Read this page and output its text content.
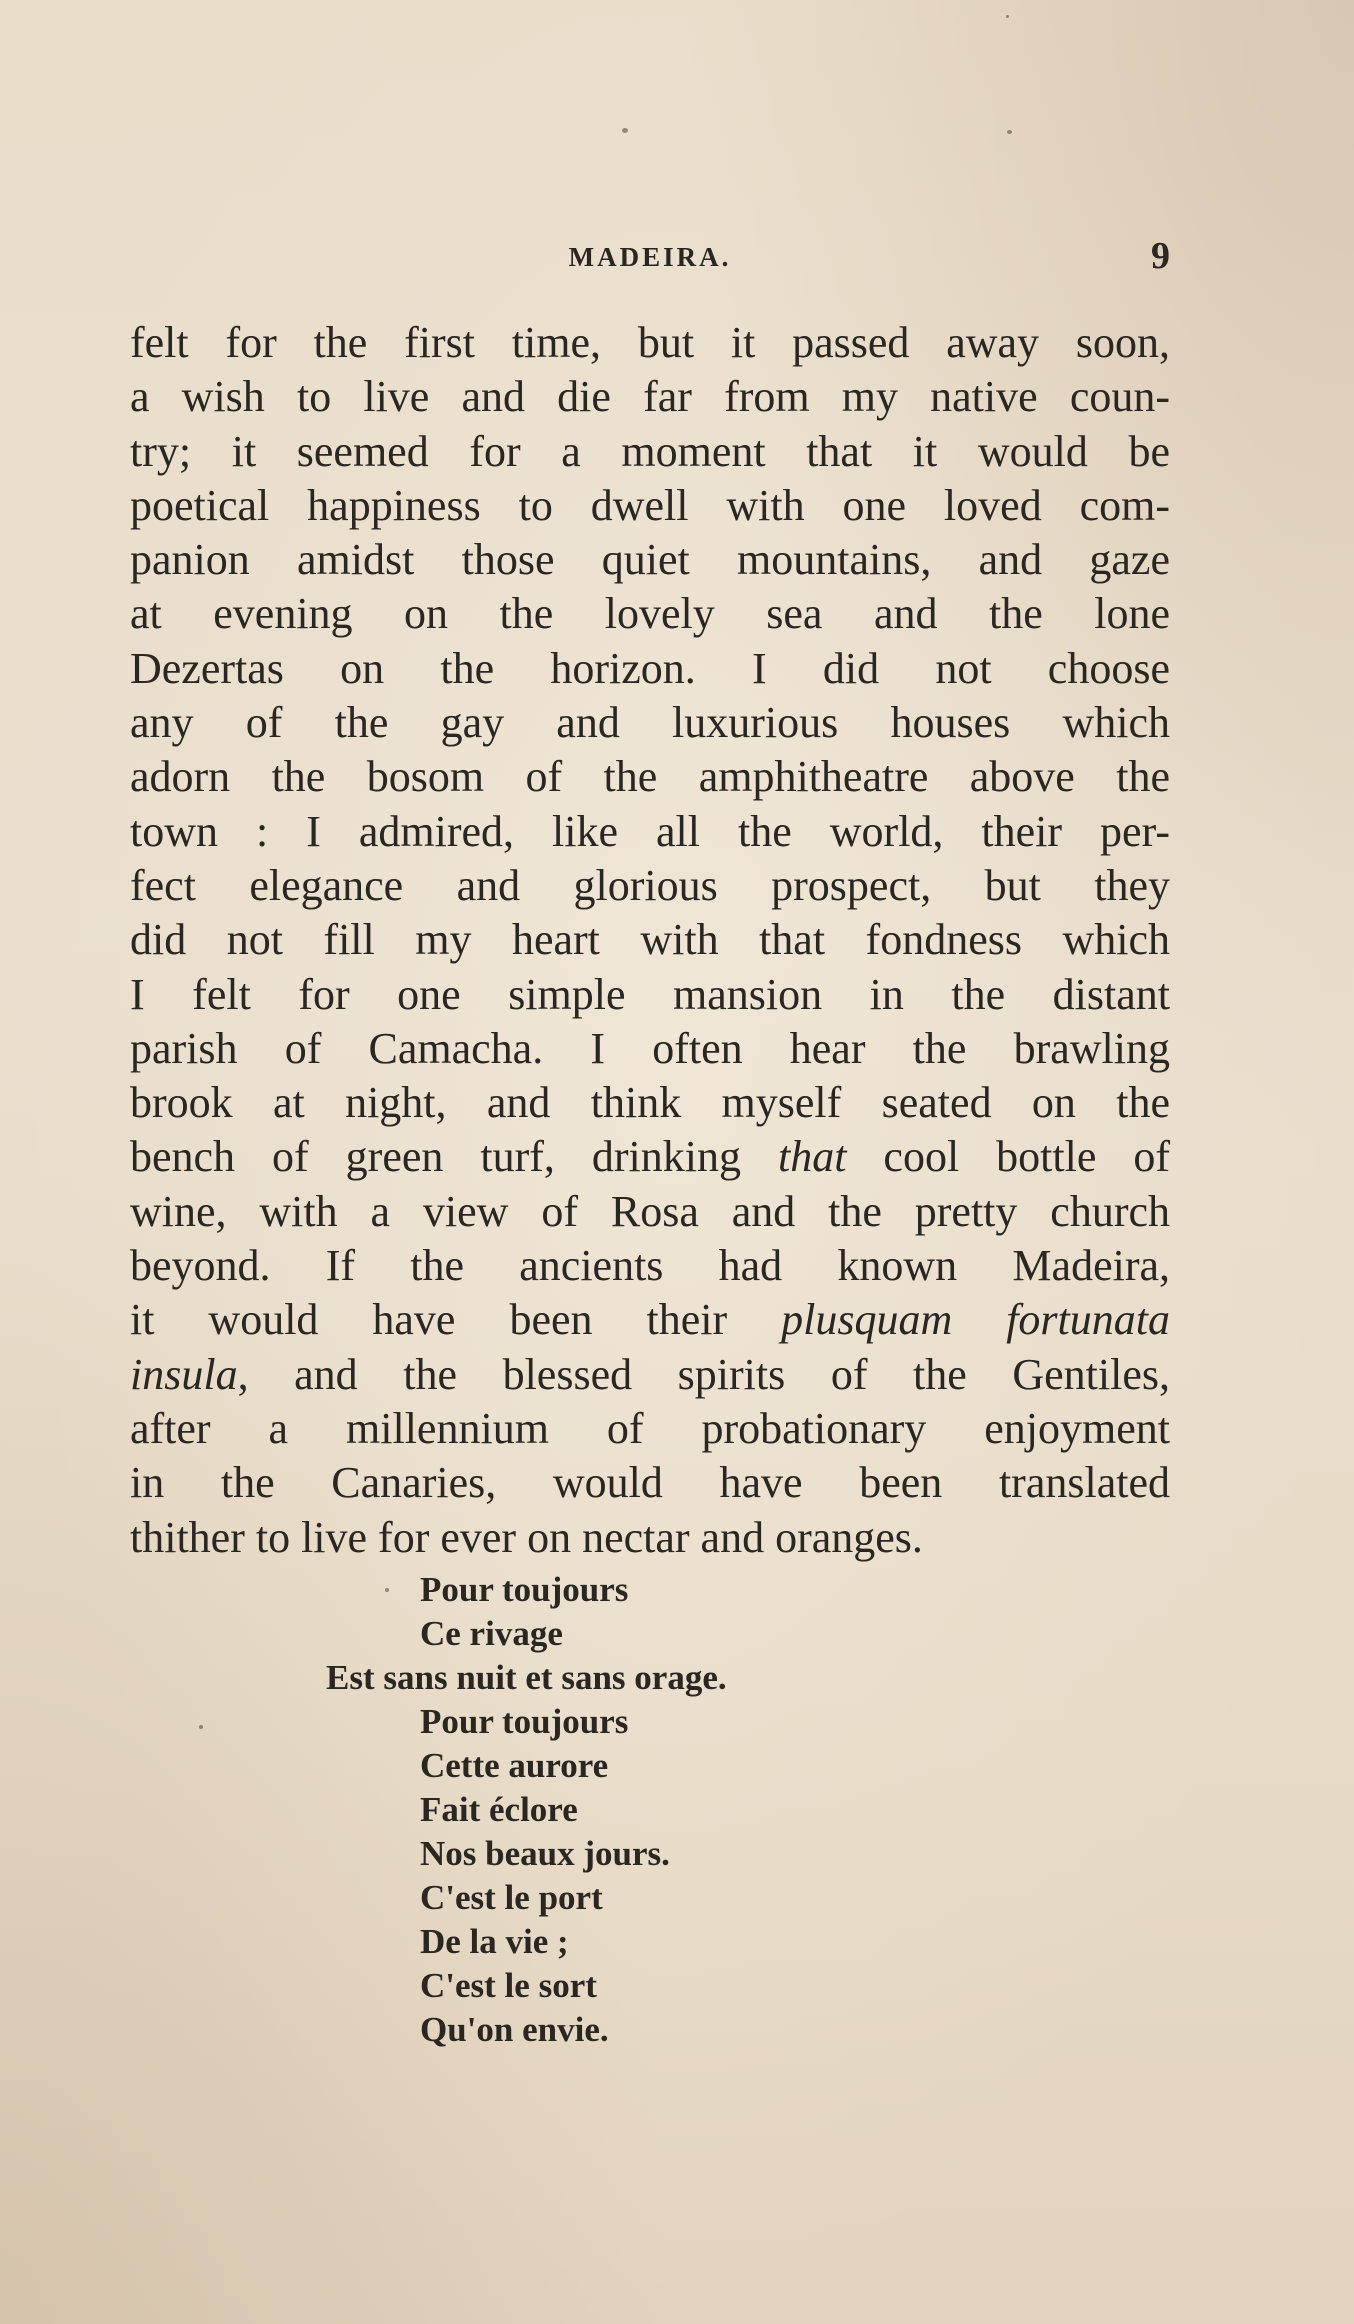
MADEIRA.	9
felt for the first time, but it passed away soon,
a wish to live and die far from my native coun-
try; it seemed for a moment that it would be
poetical happiness to dwell with one loved com-
panion amidst those quiet mountains, and gaze
at evening on the lovely sea and the lone
Dezertas on the horizon. I did not choose
any of the gay and luxurious houses which
adorn the bosom of the amphitheatre above the
town : I admired, like all the world, their per-
fect elegance and glorious prospect, but they
did not fill my heart with that fondness which
I felt for one simple mansion in the distant
parish of Camacha. I often hear the brawling
brook at night, and think myself seated on the
bench of green turf, drinking that cool bottle of
wine, with a view of Rosa and the pretty church
beyond. If the ancients had known Madeira,
it would have been their plusquam fortunata
insula, and the blessed spirits of the Gentiles,
after a millennium of probationary enjoyment
in the Canaries, would have been translated
thither to live for ever on nectar and oranges.
Pour toujours
Ce rivage
Est sans nuit et sans orage.
Pour toujours
Cette aurore
Fait éclore
Nos beaux jours.
C'est le port
De la vie ;
C'est le sort
Qu'on envie.
